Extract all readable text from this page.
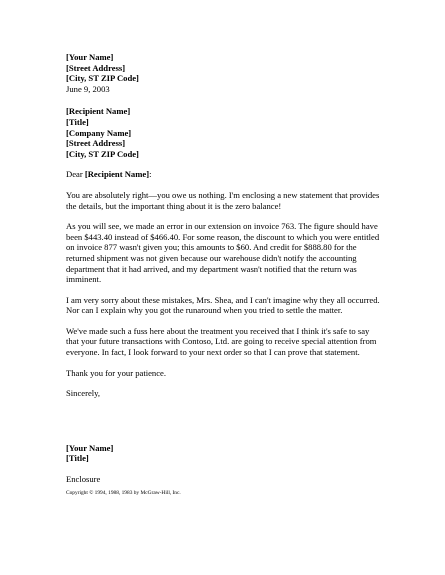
[Your Name]
[Street Address]
[City, ST ZIP Code]
June 9, 2003
[Recipient Name]
[Title]
[Company Name]
[Street Address]
[City, ST ZIP Code]
Dear [Recipient Name]:

You are absolutely right—you owe us nothing. I'm enclosing a new statement that provides the details, but the important thing about it is the zero balance!

As you will see, we made an error in our extension on invoice 763. The figure should have been $443.40 instead of $466.40. For some reason, the discount to which you were entitled on invoice 877 wasn't given you; this amounts to $60. And credit for $888.80 for the returned shipment was not given because our warehouse didn't notify the accounting department that it had arrived, and my department wasn't notified that the return was imminent.

I am very sorry about these mistakes, Mrs. Shea, and I can't imagine why they all occurred. Nor can I explain why you got the runaround when you tried to settle the matter.

We've made such a fuss here about the treatment you received that I think it's safe to say that your future transactions with Contoso, Ltd. are going to receive special attention from everyone. In fact, I look forward to your next order so that I can prove that statement.

Thank you for your patience.

Sincerely,
[Your Name]
[Title]
Enclosure
Copyright © 1994, 1988, 1983 by McGraw-Hill, Inc.
